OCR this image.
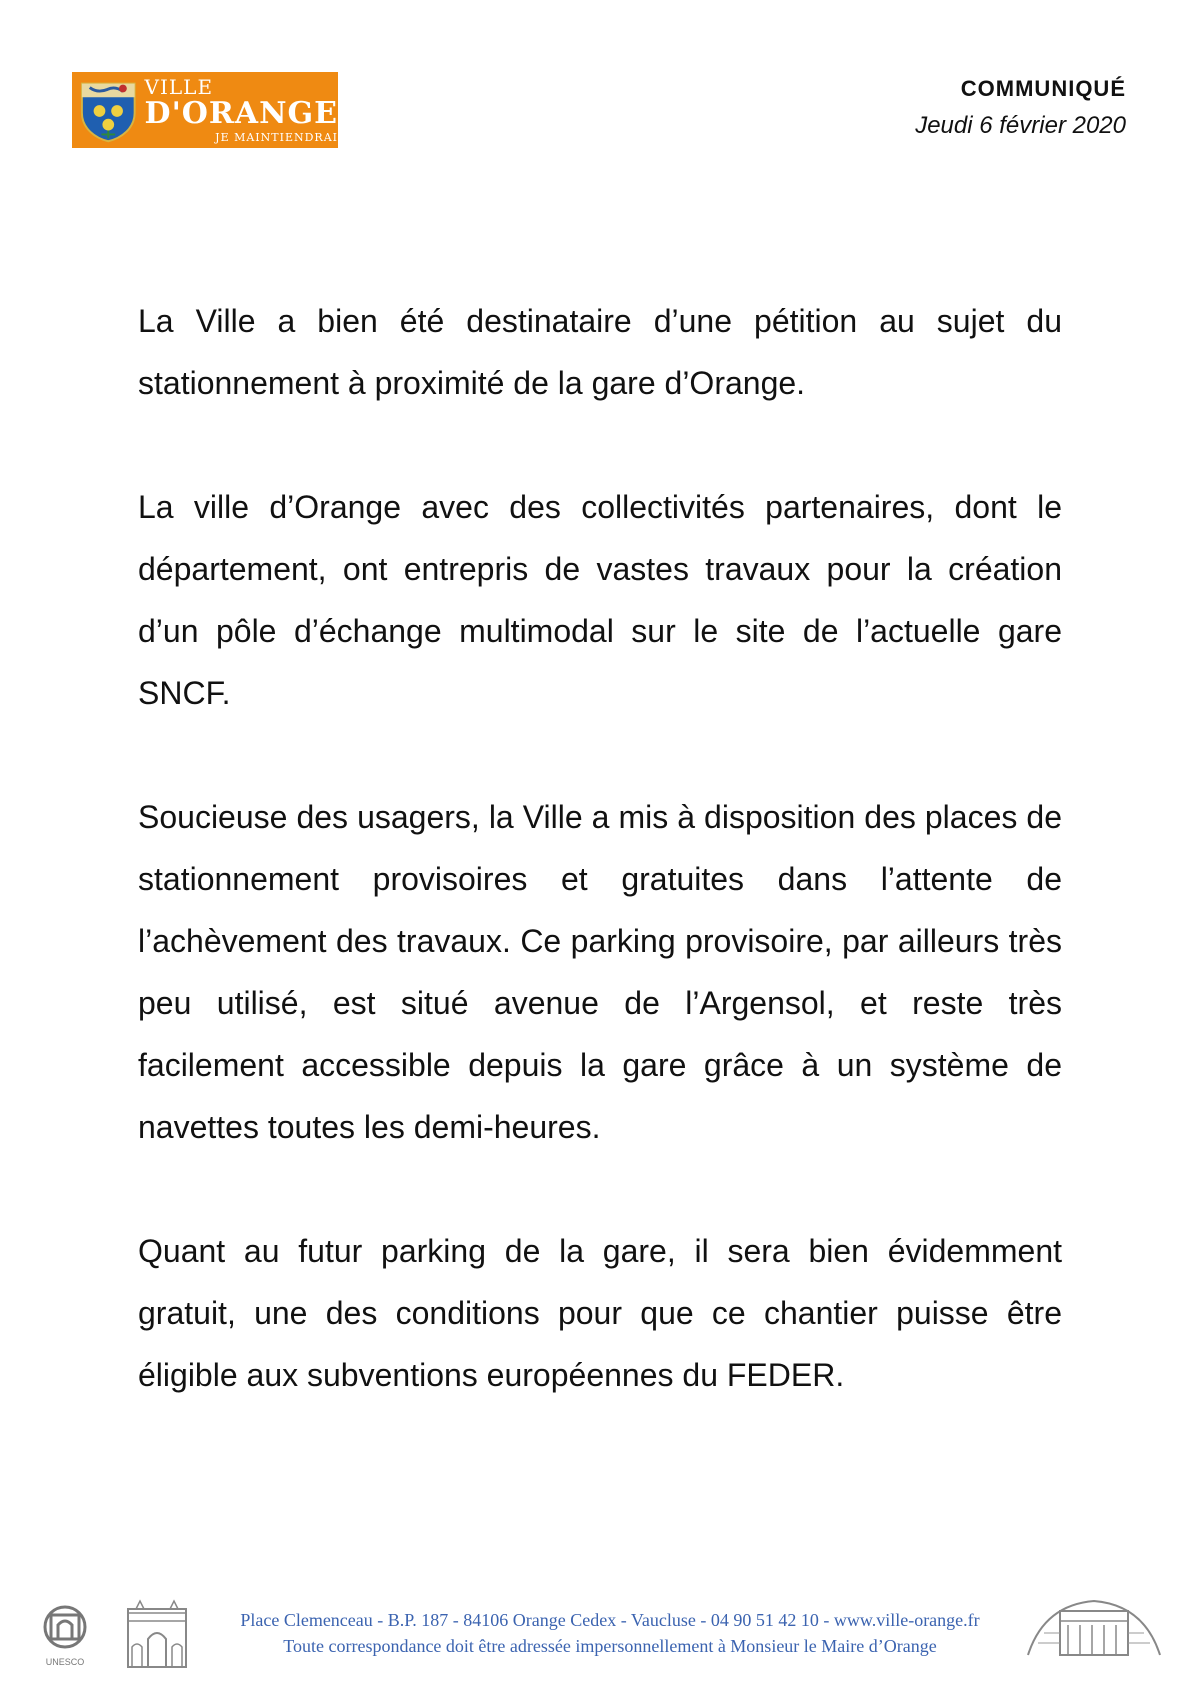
VILLE
D'ORANGE
JE MAINTIENDRAI
COMMUNIQUÉ
Jeudi 6 février 2020

La Ville a bien été destinataire d’une pétition au sujet du stationnement à proximité de la gare d’Orange.

La ville d’Orange avec des collectivités partenaires, dont le département, ont entrepris de vastes travaux pour la création d’un pôle d’échange multimodal sur le site de l’actuelle gare SNCF.

Soucieuse des usagers, la Ville a mis à disposition des places de stationnement provisoires et gratuites dans l’attente de l’achèvement des travaux. Ce parking provisoire, par ailleurs très peu utilisé, est situé avenue de l’Argensol, et reste très facilement accessible depuis la gare grâce à un système de navettes toutes les demi-heures.

Quant au futur parking de la gare, il sera bien évidemment gratuit, une des conditions pour que ce chantier puisse être éligible aux subventions européennes du FEDER.

UNESCO
Place Clemenceau - B.P. 187 - 84106 Orange Cedex - Vaucluse - 04 90 51 42 10 - www.ville-orange.fr
Toute correspondance doit être adressée impersonnellement à Monsieur le Maire d’Orange
